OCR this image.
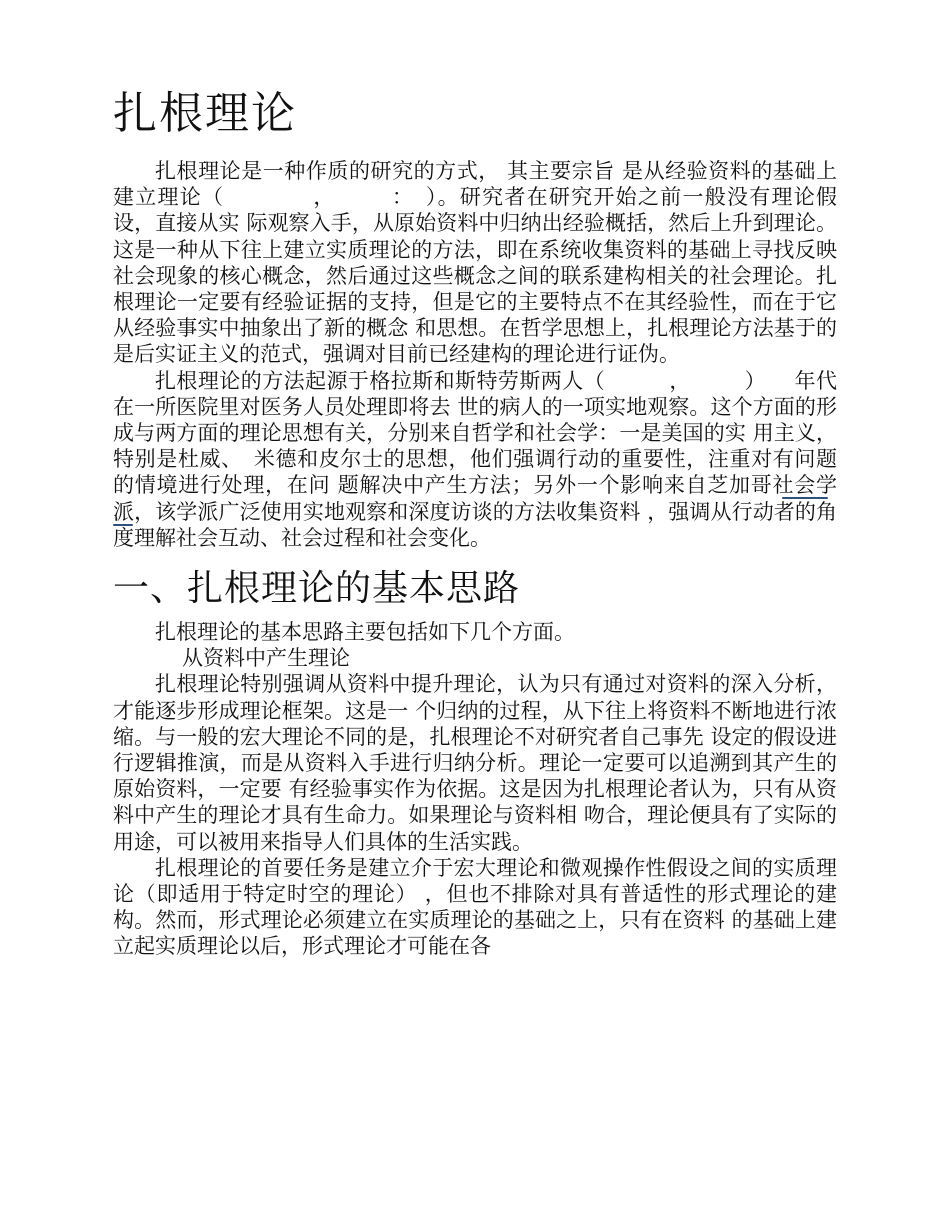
扎根理论

扎根理论是一种作质的研究的方式， 其主要宗旨 是从经验资料的基础上建立理论（　　　　，　　　：　）。研究者在研究开始之前一般没有理论假设，直接从实 际观察入手，从原始资料中归纳出经验概括，然后上升到理论。这是一种从下往上建立实质理论的方法，即在系统收集资料的基础上寻找反映社会现象的核心概念，然后通过这些概念之间的联系建构相关的社会理论。扎 根理论一定要有经验证据的支持，但是它的主要特点不在其经验性，而在于它从经验事实中抽象出了新的概念 和思想。在哲学思想上，扎根理论方法基于的是后实证主义的范式，强调对目前已经建构的理论进行证伪。

扎根理论的方法起源于格拉斯和斯特劳斯两人（　　　，　　　） 　年代在一所医院里对医务人员处理即将去 世的病人的一项实地观察。这个方面的形成与两方面的理论思想有关，分别来自哲学和社会学：一是美国的实 用主义，特别是杜威、　米德和皮尔士的思想，他们强调行动的重要性，注重对有问题的情境进行处理，在问 题解决中产生方法；另外一个影响来自芝加哥社会学派，该学派广泛使用实地观察和深度访谈的方法收集资料 ，强调从行动者的角度理解社会互动、社会过程和社会变化。

一、扎根理论的基本思路

扎根理论的基本思路主要包括如下几个方面。

从资料中产生理论

扎根理论特别强调从资料中提升理论，认为只有通过对资料的深入分析，才能逐步形成理论框架。这是一 个归纳的过程，从下往上将资料不断地进行浓缩。与一般的宏大理论不同的是，扎根理论不对研究者自己事先 设定的假设进行逻辑推演，而是从资料入手进行归纳分析。理论一定要可以追溯到其产生的原始资料，一定要 有经验事实作为依据。这是因为扎根理论者认为，只有从资料中产生的理论才具有生命力。如果理论与资料相 吻合，理论便具有了实际的用途，可以被用来指导人们具体的生活实践。

扎根理论的首要任务是建立介于宏大理论和微观操作性假设之间的实质理论（即适用于特定时空的理论） ，但也不排除对具有普适性的形式理论的建构。然而，形式理论必须建立在实质理论的基础之上，只有在资料 的基础上建立起实质理论以后，形式理论才可能在各
